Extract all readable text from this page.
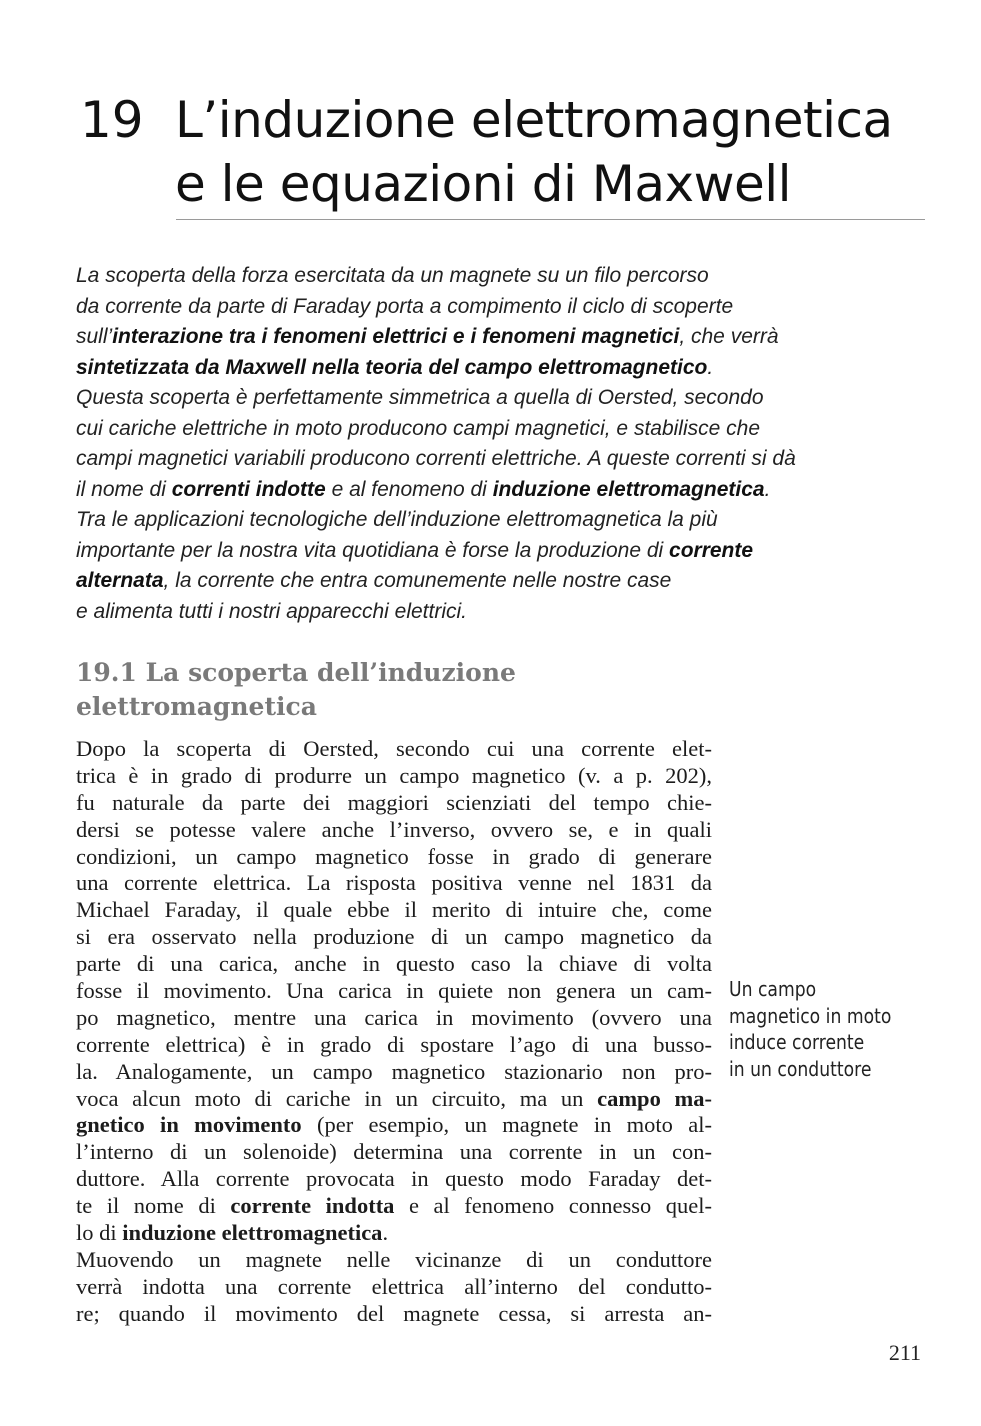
19 L’induzione elettromagnetica
e le equazioni di Maxwell
La scoperta della forza esercitata da un magnete su un filo percorso
da corrente da parte di Faraday porta a compimento il ciclo di scoperte
sull’interazione tra i fenomeni elettrici e i fenomeni magnetici, che verrà
sintetizzata da Maxwell nella teoria del campo elettromagnetico.
Questa scoperta è perfettamente simmetrica a quella di Oersted, secondo
cui cariche elettriche in moto producono campi magnetici, e stabilisce che
campi magnetici variabili producono correnti elettriche. A queste correnti si dà
il nome di correnti indotte e al fenomeno di induzione elettromagnetica.
Tra le applicazioni tecnologiche dell’induzione elettromagnetica la più
importante per la nostra vita quotidiana è forse la produzione di corrente
alternata, la corrente che entra comunemente nelle nostre case
e alimenta tutti i nostri apparecchi elettrici.
19.1 La scoperta dell’induzione
elettromagnetica
Dopo la scoperta di Oersted, secondo cui una corrente elet-
trica è in grado di produrre un campo magnetico (v. a p. 202),
fu naturale da parte dei maggiori scienziati del tempo chie-
dersi se potesse valere anche l’inverso, ovvero se, e in quali
condizioni, un campo magnetico fosse in grado di generare
una corrente elettrica. La risposta positiva venne nel 1831 da
Michael Faraday, il quale ebbe il merito di intuire che, come
si era osservato nella produzione di un campo magnetico da
parte di una carica, anche in questo caso la chiave di volta
fosse il movimento. Una carica in quiete non genera un cam-
po magnetico, mentre una carica in movimento (ovvero una
corrente elettrica) è in grado di spostare l’ago di una busso-
la. Analogamente, un campo magnetico stazionario non pro-
voca alcun moto di cariche in un circuito, ma un campo ma-
gnetico in movimento (per esempio, un magnete in moto al-
l’interno di un solenoide) determina una corrente in un con-
duttore. Alla corrente provocata in questo modo Faraday det-
te il nome di corrente indotta e al fenomeno connesso quel-
lo di induzione elettromagnetica.
Muovendo un magnete nelle vicinanze di un conduttore
verrà indotta una corrente elettrica all’interno del condutto-
re; quando il movimento del magnete cessa, si arresta an-
Un campo
magnetico in moto
induce corrente
in un conduttore
211
